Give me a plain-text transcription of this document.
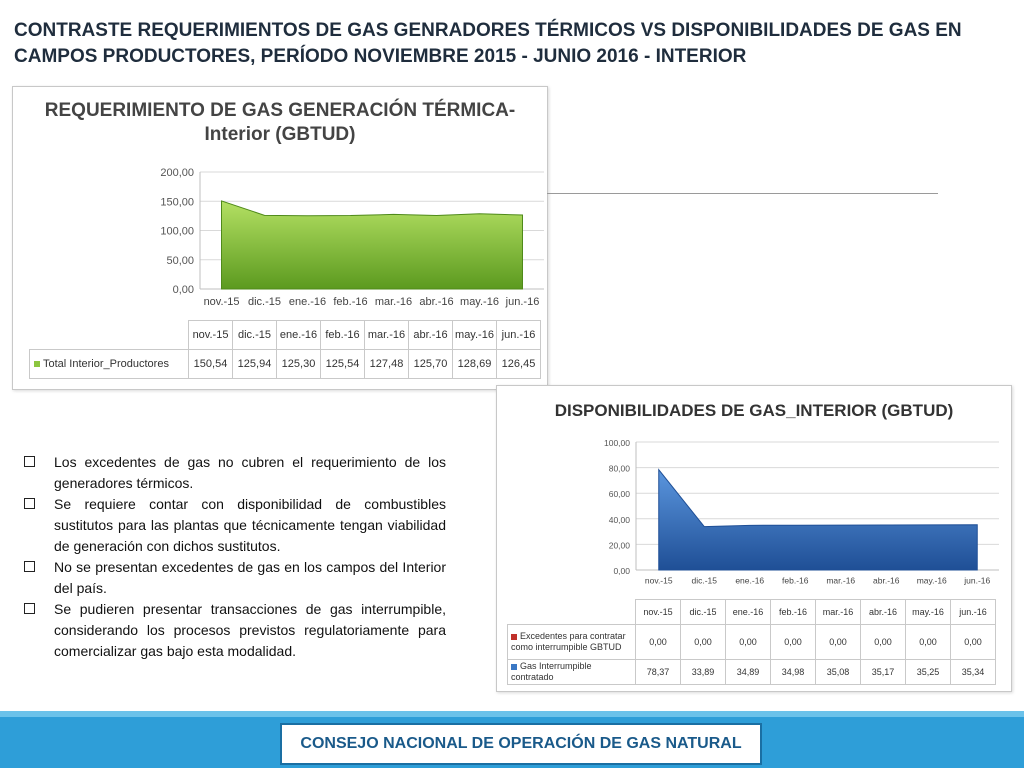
CONTRASTE REQUERIMIENTOS DE GAS GENRADORES TÉRMICOS VS DISPONIBILIDADES DE GAS EN CAMPOS PRODUCTORES, PERÍODO NOVIEMBRE 2015 - JUNIO 2016 - INTERIOR
REQUERIMIENTO DE GAS GENERACIÓN TÉRMICA-Interior (GBTUD)
0,00
50,00
100,00
150,00
200,00
nov.-15 dic.-15 ene.-16 feb.-16 mar.-16 abr.-16 may.-16 jun.-16
	nov.-15	dic.-15	ene.-16	feb.-16	mar.-16	abr.-16	may.-16	jun.-16
Total Interior_Productores	150,54	125,94	125,30	125,54	127,48	125,70	128,69	126,45
DISPONIBILIDADES DE GAS_INTERIOR (GBTUD)
0,00
20,00
40,00
60,00
80,00
100,00
nov.-15 dic.-15 ene.-16 feb.-16 mar.-16 abr.-16 may.-16 jun.-16
	nov.-15	dic.-15	ene.-16	feb.-16	mar.-16	abr.-16	may.-16	jun.-16
Excedentes para contratar como interrumpible GBTUD	0,00	0,00	0,00	0,00	0,00	0,00	0,00	0,00
Gas Interrumpible contratado	78,37	33,89	34,89	34,98	35,08	35,17	35,25	35,34
Los excedentes de gas no cubren el requerimiento de los generadores térmicos.
Se requiere contar con disponibilidad de combustibles sustitutos para las plantas que técnicamente tengan viabilidad de generación con dichos sustitutos.
No se presentan excedentes de gas en los campos del Interior del país.
Se pudieren presentar transacciones de gas interrumpible, considerando los procesos previstos regulatoriamente para comercializar gas bajo esta modalidad.
CONSEJO NACIONAL DE OPERACIÓN DE GAS NATURAL
